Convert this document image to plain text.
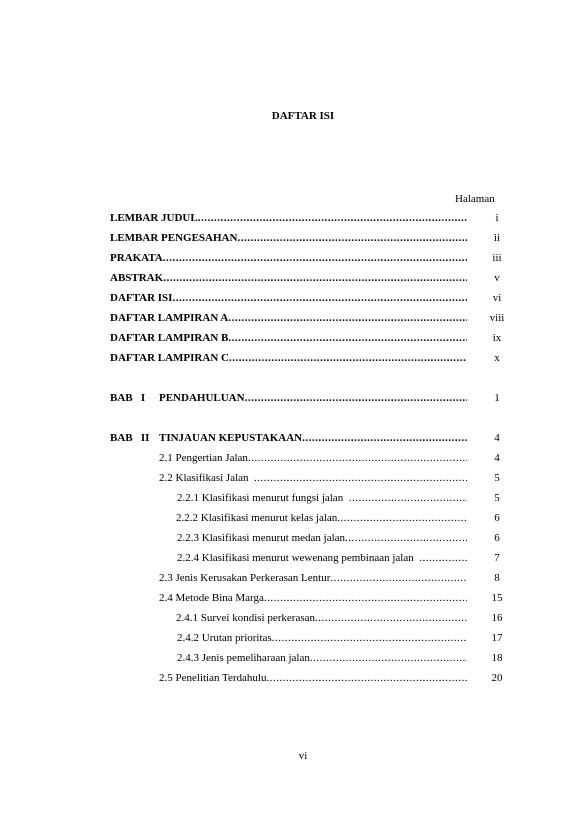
DAFTAR ISI
Halaman
LEMBAR JUDUL .....	i
LEMBAR PENGESAHAN .....	ii
PRAKATA .....	iii
ABSTRAK .....	v
DAFTAR ISI .....	vi
DAFTAR LAMPIRAN A .....	viii
DAFTAR LAMPIRAN B .....	ix
DAFTAR LAMPIRAN C .....	x
BAB   I PENDAHULUAN .....	1
BAB   II TINJAUAN KEPUSTAKAAN .....	4
2.1 Pengertian Jalan .....	4
2.2 Klasifikasi Jalan .....	5
2.2.1 Klasifikasi menurut fungsi jalan .....	5
2.2.2 Klasifikasi menurut kelas jalan .....	6
2.2.3 Klasifikasi menurut medan jalan .....	6
2.2.4 Klasifikasi menurut wewenang pembinaan jalan .....	7
2.3 Jenis Kerusakan Perkerasan Lentur .....	8
2.4 Metode Bina Marga .....	15
2.4.1 Survei kondisi perkerasan .....	16
2.4.2 Urutan prioritas .....	17
2.4.3 Jenis pemeliharaan jalan .....	18
2.5 Penelitian Terdahulu .....	20
vi
